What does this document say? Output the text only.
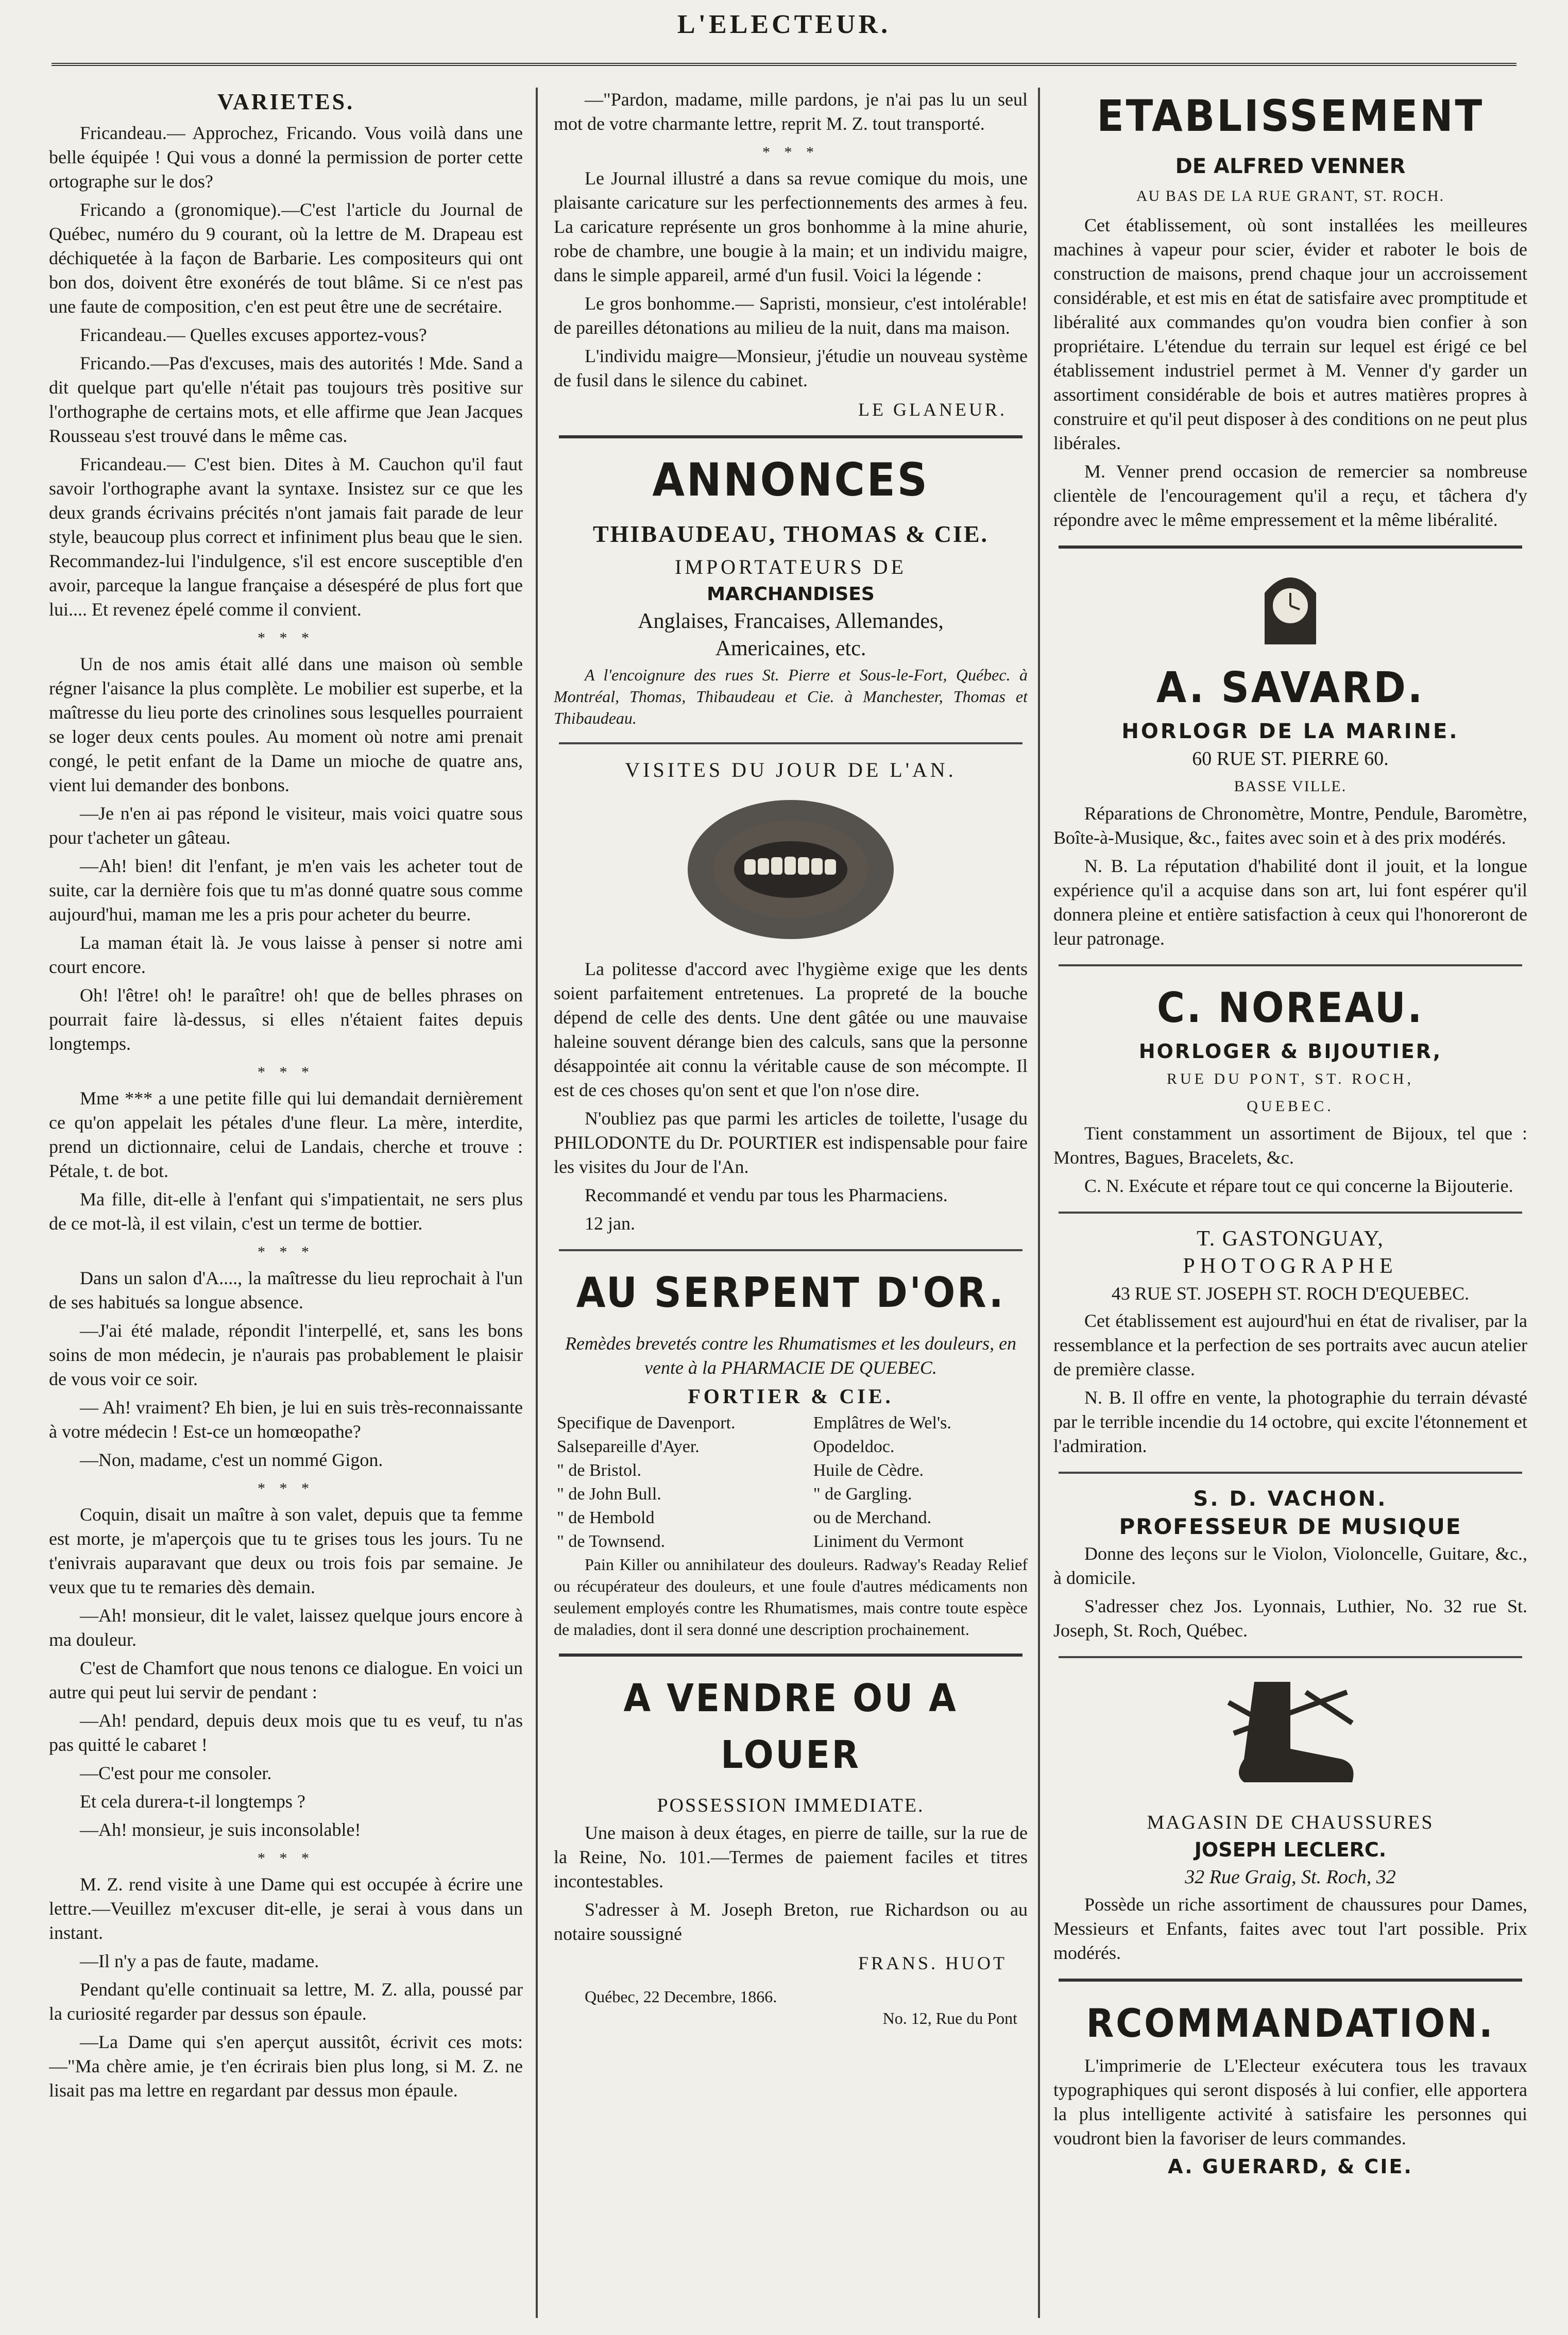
L'ELECTEUR.
VARIETES.

Fricandeau.— Approchez, Fricando. Vous voilà dans une belle équipée ! Qui vous a donné la permission de porter cette ortographe sur le dos?

Fricando a (gronomique).—C'est l'article du Journal de Québec, numéro du 9 courant, où la lettre de M. Drapeau est déchiquetée à la façon de Barbarie. Les compositeurs qui ont bon dos, doivent être exonérés de tout blâme. Si ce n'est pas une faute de composition, c'en est peut être une de secrétaire.

Fricandeau.— Quelles excuses apportez-vous?

Fricando.—Pas d'excuses, mais des autorités ! Mde. Sand a dit quelque part qu'elle n'était pas toujours très positive sur l'orthographe de certains mots, et elle affirme que Jean Jacques Rousseau s'est trouvé dans le même cas.

Fricandeau.— C'est bien. Dites à M. Cauchon qu'il faut savoir l'orthographe avant la syntaxe. Insistez sur ce que les deux grands écrivains précités n'ont jamais fait parade de leur style, beaucoup plus correct et infiniment plus beau que le sien. Recommandez-lui l'indulgence, s'il est encore susceptible d'en avoir, parceque la langue française a désespéré de plus fort que lui.... Et revenez épelé comme il convient.

* * *

Un de nos amis était allé dans une maison où semble régner l'aisance la plus complète. Le mobilier est superbe, et la maîtresse du lieu porte des crinolines sous lesquelles pourraient se loger deux cents poules. Au moment où notre ami prenait congé, le petit enfant de la Dame un mioche de quatre ans, vient lui demander des bonbons.

—Je n'en ai pas répond le visiteur, mais voici quatre sous pour t'acheter un gâteau.

—Ah! bien! dit l'enfant, je m'en vais les acheter tout de suite, car la dernière fois que tu m'as donné quatre sous comme aujourd'hui, maman me les a pris pour acheter du beurre.

La maman était là. Je vous laisse à penser si notre ami court encore.

Oh! l'être! oh! le paraître! oh! que de belles phrases on pourrait faire là-dessus, si elles n'étaient faites depuis longtemps.

* * *

Mme *** a une petite fille qui lui demandait dernièrement ce qu'on appelait les pétales d'une fleur. La mère, interdite, prend un dictionnaire, celui de Landais, cherche et trouve : Pétale, t. de bot.

Ma fille, dit-elle à l'enfant qui s'impatientait, ne sers plus de ce mot-là, il est vilain, c'est un terme de bottier.

* * *

Dans un salon d'A...., la maîtresse du lieu reprochait à l'un de ses habitués sa longue absence.

—J'ai été malade, répondit l'interpellé, et, sans les bons soins de mon médecin, je n'aurais pas probablement le plaisir de vous voir ce soir.

— Ah! vraiment? Eh bien, je lui en suis très-reconnaissante à votre médecin ! Est-ce un homœopathe?

—Non, madame, c'est un nommé Gigon.

* * *

Coquin, disait un maître à son valet, depuis que ta femme est morte, je m'aperçois que tu te grises tous les jours. Tu ne t'enivrais auparavant que deux ou trois fois par semaine. Je veux que tu te remaries dès demain.

—Ah! monsieur, dit le valet, laissez quelque jours encore à ma douleur.

C'est de Chamfort que nous tenons ce dialogue. En voici un autre qui peut lui servir de pendant :

—Ah! pendard, depuis deux mois que tu es veuf, tu n'as pas quitté le cabaret !

—C'est pour me consoler.

Et cela durera-t-il longtemps ?

—Ah! monsieur, je suis inconsolable!

* * *

M. Z. rend visite à une Dame qui est occupée à écrire une lettre.—Veuillez m'excuser dit-elle, je serai à vous dans un instant.

—Il n'y a pas de faute, madame.

Pendant qu'elle continuait sa lettre, M. Z. alla, poussé par la curiosité regarder par dessus son épaule.

—La Dame qui s'en aperçut aussitôt, écrivit ces mots:—"Ma chère amie, je t'en écrirais bien plus long, si M. Z. ne lisait pas ma lettre en regardant par dessus mon épaule.

—"Pardon, madame, mille pardons, je n'ai pas lu un seul mot de votre charmante lettre, reprit M. Z. tout transporté.

* * *

Le Journal illustré a dans sa revue comique du mois, une plaisante caricature sur les perfectionnements des armes à feu. La caricature représente un gros bonhomme à la mine ahurie, robe de chambre, une bougie à la main; et un individu maigre, dans le simple appareil, armé d'un fusil. Voici la légende :

Le gros bonhomme.— Sapristi, monsieur, c'est intolérable! de pareilles détonations au milieu de la nuit, dans ma maison.

L'individu maigre—Monsieur, j'étudie un nouveau système de fusil dans le silence du cabinet.

LE GLANEUR.
ANNONCES
THIBAUDEAU, THOMAS & CIE.
IMPORTATEURS DE
MARCHANDISES
Anglaises, Francaises, Allemandes,
Americaines, etc.

A l'encoignure des rues St. Pierre et Sous-le-Fort, Québec. à Montréal, Thomas, Thibaudeau et Cie. à Manchester, Thomas et Thibaudeau.

VISITES DU JOUR DE L'AN.

La politesse d'accord avec l'hygième exige que les dents soient parfaitement entretenues. La propreté de la bouche dépend de celle des dents. Une dent gâtée ou une mauvaise haleine souvent dérange bien des calculs, sans que la personne désappointée ait connu la véritable cause de son mécompte. Il est de ces choses qu'on sent et que l'on n'ose dire.

N'oubliez pas que parmi les articles de toilette, l'usage du PHILODONTE du Dr. POURTIER est indispensable pour faire les visites du Jour de l'An.

Recommandé et vendu par tous les Pharmaciens.

12 jan.

AU SERPENT D'OR.

Remèdes brevetés contre les Rhumatismes et les douleurs, en vente à la PHARMACIE DE QUEBEC.

FORTIER & CIE.
Specifique de Davenport.	Emplâtres de Wel's.
Salsepareille d'Ayer.	Opodeldoc.
" de Bristol.	Huile de Cèdre.
" de John Bull.	" de Gargling.
" de Hembold	ou de Merchand.
" de Townsend.	Liniment du Vermont

Pain Killer ou annihilateur des douleurs. Radway's Readay Relief ou récupérateur des douleurs, et une foule d'autres médicaments non seulement employés contre les Rhumatismes, mais contre toute espèce de maladies, dont il sera donné une description prochainement.

A VENDRE OU A LOUER
POSSESSION IMMEDIATE.

Une maison à deux étages, en pierre de taille, sur la rue de la Reine, No. 101.—Termes de paiement faciles et titres incontestables.

S'adresser à M. Joseph Breton, rue Richardson ou au notaire soussigné

FRANS. HUOT
Québec, 22 Decembre, 1866.
No. 12, Rue du Pont
ETABLISSEMENT
DE ALFRED VENNER
AU BAS DE LA RUE GRANT, ST. ROCH.

Cet établissement, où sont installées les meilleures machines à vapeur pour scier, évider et raboter le bois de construction de maisons, prend chaque jour un accroissement considérable, et est mis en état de satisfaire avec promptitude et libéralité aux commandes qu'on voudra bien confier à son propriétaire. L'étendue du terrain sur lequel est érigé ce bel établissement industriel permet à M. Venner d'y garder un assortiment considérable de bois et autres matières propres à construire et qu'il peut disposer à des conditions on ne peut plus libérales.

M. Venner prend occasion de remercier sa nombreuse clientèle de l'encouragement qu'il a reçu, et tâchera d'y répondre avec le même empressement et la même libéralité.

A. SAVARD.
HORLOGR DE LA MARINE.
60 RUE ST. PIERRE 60.
BASSE VILLE.

Réparations de Chronomètre, Montre, Pendule, Baromètre, Boîte-à-Musique, &c., faites avec soin et à des prix modérés.

N. B. La réputation d'habilité dont il jouit, et la longue expérience qu'il a acquise dans son art, lui font espérer qu'il donnera pleine et entière satisfaction à ceux qui l'honoreront de leur patronage.

C. NOREAU.
HORLOGER & BIJOUTIER,
RUE DU PONT, ST. ROCH,
QUEBEC.

Tient constamment un assortiment de Bijoux, tel que : Montres, Bagues, Bracelets, &c.

C. N. Exécute et répare tout ce qui concerne la Bijouterie.

T. GASTONGUAY,
PHOTOGRAPHE
43 RUE ST. JOSEPH ST. ROCH D'EQUEBEC.

Cet établissement est aujourd'hui en état de rivaliser, par la ressemblance et la perfection de ses portraits avec aucun atelier de première classe.

N. B. Il offre en vente, la photographie du terrain dévasté par le terrible incendie du 14 octobre, qui excite l'étonnement et l'admiration.

S. D. VACHON.
PROFESSEUR DE MUSIQUE

Donne des leçons sur le Violon, Violoncelle, Guitare, &c., à domicile.

S'adresser chez Jos. Lyonnais, Luthier, No. 32 rue St. Joseph, St. Roch, Québec.

MAGASIN DE CHAUSSURES
JOSEPH LECLERC.
32 Rue Graig, St. Roch, 32

Possède un riche assortiment de chaussures pour Dames, Messieurs et Enfants, faites avec tout l'art possible. Prix modérés.

RCOMMANDATION.

L'imprimerie de L'Electeur exécutera tous les travaux typographiques qui seront disposés à lui confier, elle apportera la plus intelligente activité à satisfaire les personnes qui voudront bien la favoriser de leurs commandes.

A. GUERARD, & CIE.
